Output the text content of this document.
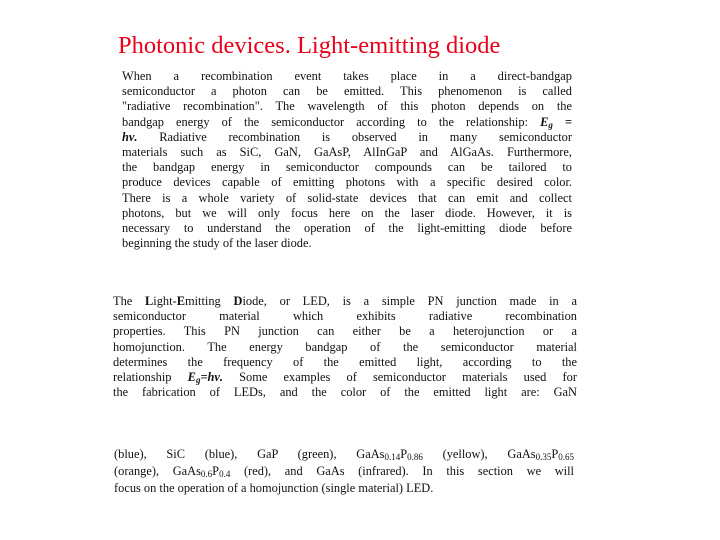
Photonic devices. Light-emitting diode
When a recombination event takes place in a direct-bandgap
semiconductor a photon can be emitted. This phenomenon is called
"radiative recombination". The wavelength of this photon depends on the
bandgap energy of the semiconductor according to the relationship: $E_g$ =
hν. Radiative recombination is observed in many semiconductor
materials such as SiC, GaN, GaAsP, AlInGaP and AlGaAs. Furthermore,
the bandgap energy in semiconductor compounds can be tailored to
produce devices capable of emitting photons with a specific desired color.
There is a whole variety of solid-state devices that can emit and collect
photons, but we will only focus here on the laser diode. However, it is
necessary to understand the operation of the light-emitting diode before
beginning the study of the laser diode.
The Light-Emitting Diode, or LED, is a simple PN junction made in a
semiconductor material which exhibits radiative recombination
properties. This PN junction can either be a heterojunction or a
homojunction. The energy bandgap of the semiconductor material
determines the frequency of the emitted light, according to the
relationship $E_g=h\nu$. Some examples of semiconductor materials used for
the fabrication of LEDs, and the color of the emitted light are: GaN
(blue), SiC (blue), GaP (green), $GaAs_{0.14}P_{0.86}$ (yellow), $GaAs_{0.35}P_{0.65}$
(orange), $GaAs_{0.6}P_{0.4}$ (red), and GaAs (infrared). In this section we will
focus on the operation of a homojunction (single material) LED.
